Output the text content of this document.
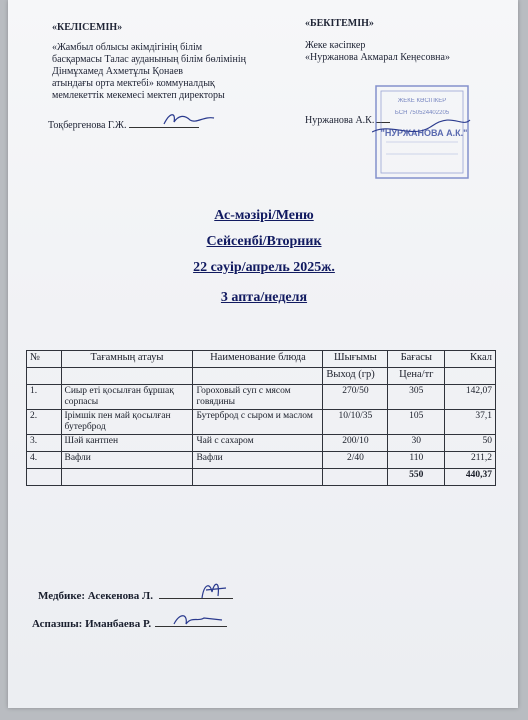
«КЕЛІСЕМІН»
«Жамбыл облысы әкімдігінің білім
басқармасы Талас ауданының білім бөлімінің
Дінмұхамед Ахметұлы Қонаев
атындағы орта мектебі» коммуналдық
мемлекеттік мекемесі мектеп директоры
Тоқбергенова Г.Ж.
«БЕКІТЕМІН»
Жеке кәсіпкер
«Нуржанова Акмарал Кеңесовна»
Нуржанова А.К.
ЖЕКЕ КӘСІПКЕР
БСН 750524402205
"НУРЖАНОВА А.К."
Ас-мәзірі/Меню
Сейсенбі/Вторник
22 сәуір/апрель 2025ж.
3 апта/неделя
№	Тағамның атауы	Наименование блюда	Шығымы	Бағасы	Ккал
			Выход (гр)	Цена/тг	
1.	Сиыр еті қосылған бұршақ сорпасы	Гороховый суп с мясом говядины	270/50	305	142,07
2.	Ірімшік пен май қосылған бутерброд	Бутерброд с сыром и маслом	10/10/35	105	37,1
3.	Шәй кантпен	Чай с сахаром	200/10	30	50
4.	Вафли	Вафли	2/40	110	211,2
				550	440,37
Медбике: Асекенова Л.
Аспазшы: Иманбаева Р.
